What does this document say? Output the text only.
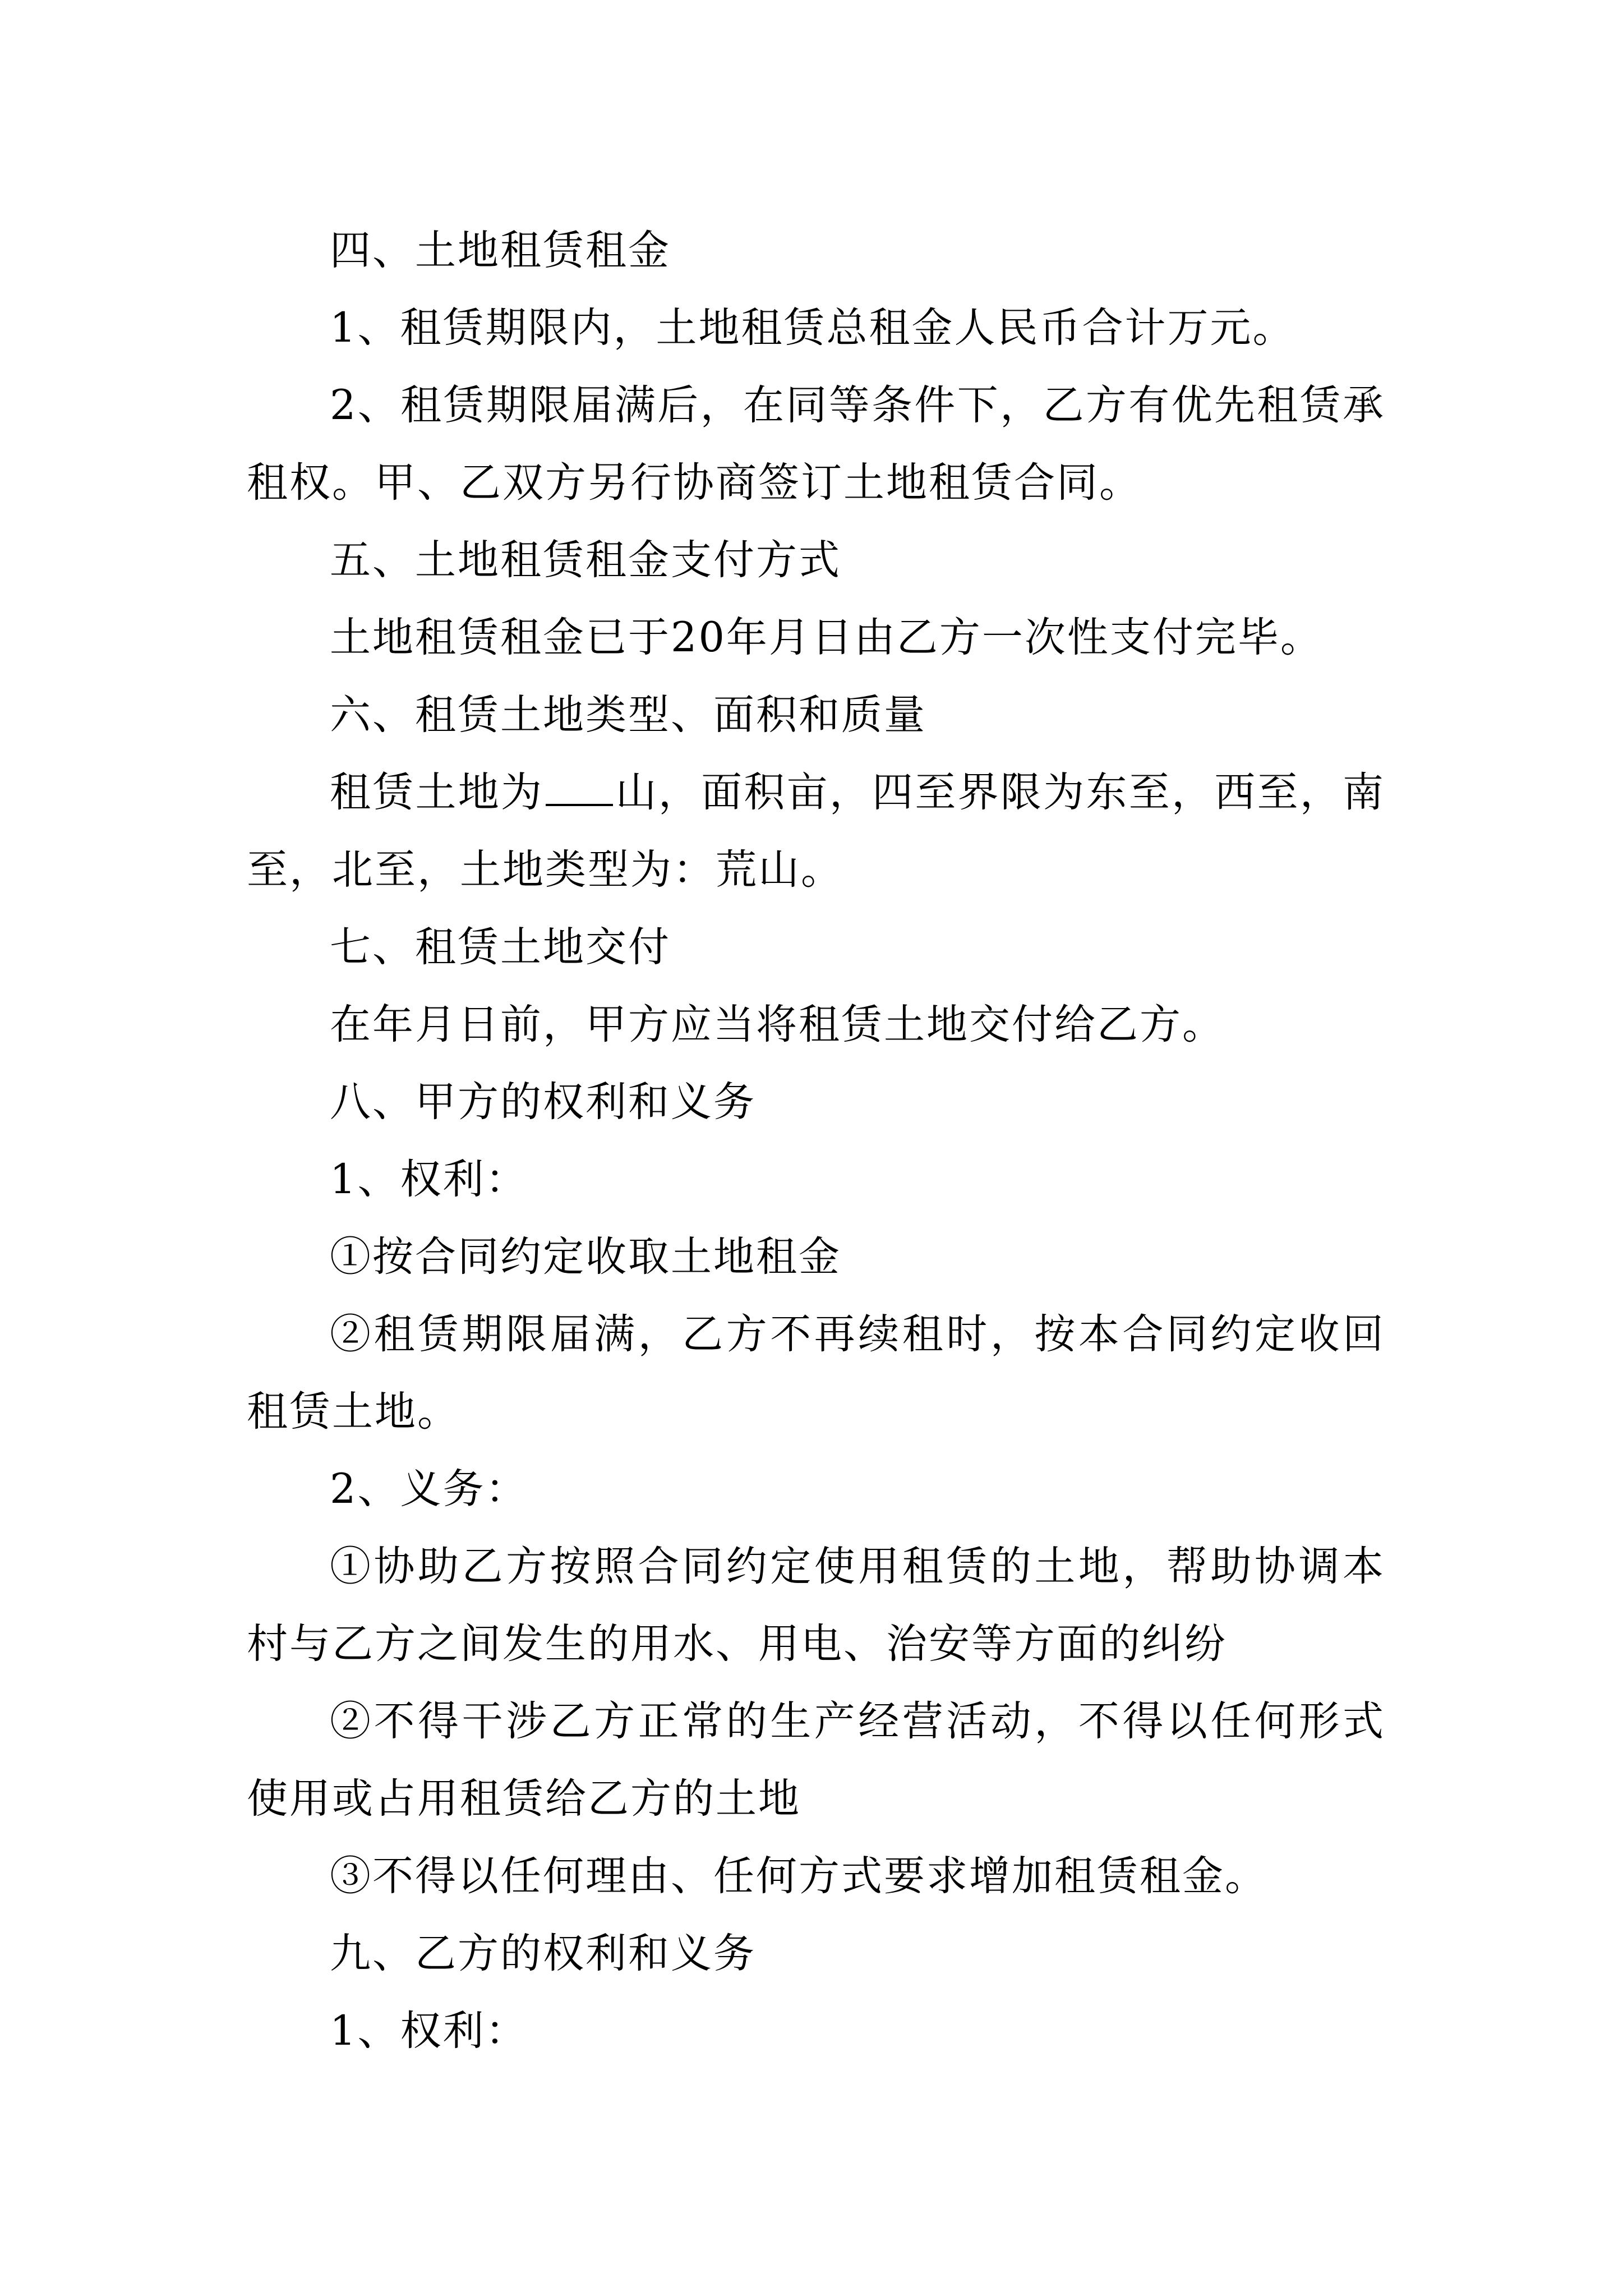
四、土地租赁租金

1、租赁期限内，土地租赁总租金人民币合计万元。

2、租赁期限届满后，在同等条件下，乙方有优先租赁承租权。甲、乙双方另行协商签订土地租赁合同。

五、土地租赁租金支付方式

土地租赁租金已于20年月日由乙方一次性支付完毕。

六、租赁土地类型、面积和质量

租赁土地为 山，面积亩，四至界限为东至，西至，南至，北至，土地类型为：荒山。

七、租赁土地交付

在年月日前，甲方应当将租赁土地交付给乙方。

八、甲方的权利和义务

1、权利：

①按合同约定收取土地租金

②租赁期限届满，乙方不再续租时，按本合同约定收回租赁土地。

2、义务：

①协助乙方按照合同约定使用租赁的土地，帮助协调本村与乙方之间发生的用水、用电、治安等方面的纠纷

②不得干涉乙方正常的生产经营活动，不得以任何形式使用或占用租赁给乙方的土地

③不得以任何理由、任何方式要求增加租赁租金。

九、乙方的权利和义务

1、权利：
